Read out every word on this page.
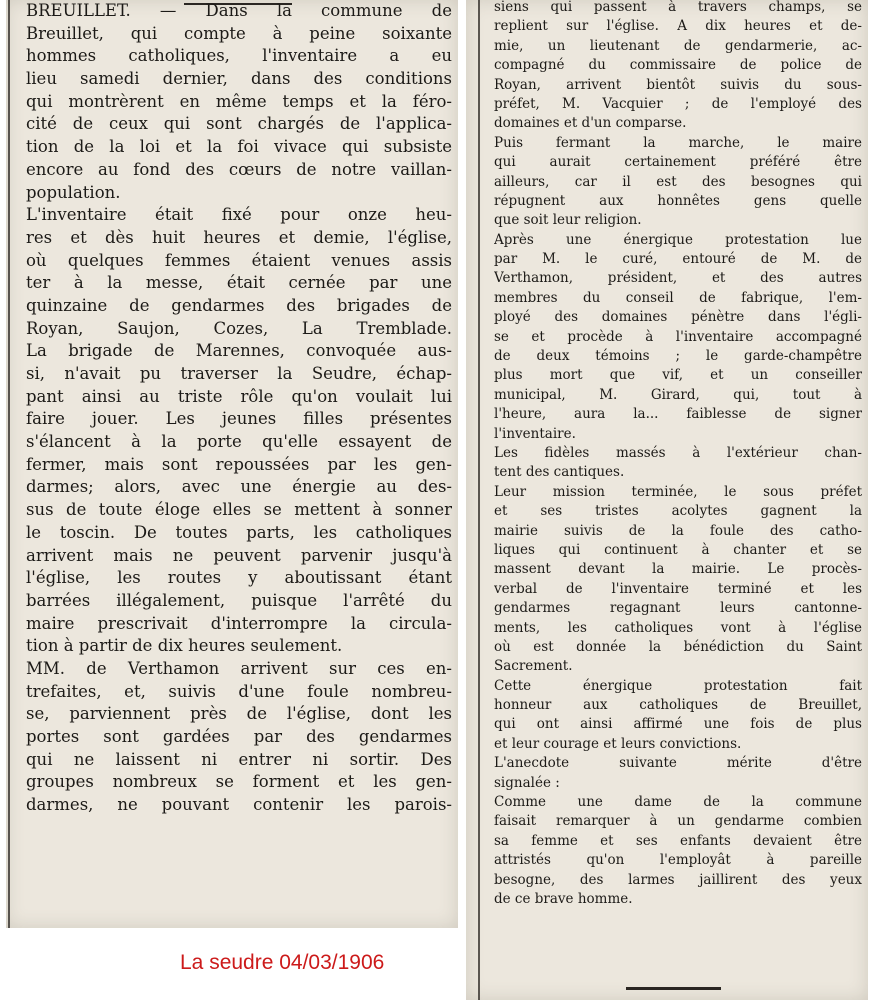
BREUILLET. — Dans la commune de
Breuillet, qui compte à peine soixante
hommes catholiques, l'inventaire a eu
lieu samedi dernier, dans des conditions
qui montrèrent en même temps et la féro-
cité de ceux qui sont chargés de l'applica-
tion de la loi et la foi vivace qui subsiste
encore au fond des cœurs de notre vaillan-
population.
L'inventaire était fixé pour onze heu-
res et dès huit heures et demie, l'église,
où quelques femmes étaient venues assis
ter à la messe, était cernée par une
quinzaine de gendarmes des brigades de
Royan, Saujon, Cozes, La Tremblade.
La brigade de Marennes, convoquée aus-
si, n'avait pu traverser la Seudre, échap-
pant ainsi au triste rôle qu'on voulait lui
faire jouer. Les jeunes filles présentes
s'élancent à la porte qu'elle essayent de
fermer, mais sont repoussées par les gen-
darmes; alors, avec une énergie au des-
sus de toute éloge elles se mettent à sonner
le toscin. De toutes parts, les catholiques
arrivent mais ne peuvent parvenir jusqu'à
l'église, les routes y aboutissant étant
barrées illégalement, puisque l'arrêté du
maire prescrivait d'interrompre la circula-
tion à partir de dix heures seulement.
MM. de Verthamon arrivent sur ces en-
trefaites, et, suivis d'une foule nombreu-
se, parviennent près de l'église, dont les
portes sont gardées par des gendarmes
qui ne laissent ni entrer ni sortir. Des
groupes nombreux se forment et les gen-
darmes, ne pouvant contenir les parois-
siens qui passent à travers champs, se
replient sur l'église. A dix heures et de-
mie, un lieutenant de gendarmerie, ac-
compagné du commissaire de police de
Royan, arrivent bientôt suivis du sous-
préfet, M. Vacquier ; de l'employé des
domaines et d'un comparse.
Puis fermant la marche, le maire
qui aurait certainement préféré être
ailleurs, car il est des besognes qui
répugnent aux honnêtes gens quelle
que soit leur religion.
Après une énergique protestation lue
par M. le curé, entouré de M. de
Verthamon, président, et des autres
membres du conseil de fabrique, l'em-
ployé des domaines pénètre dans l'égli-
se et procède à l'inventaire accompagné
de deux témoins ; le garde-champêtre
plus mort que vif, et un conseiller
municipal, M. Girard, qui, tout à
l'heure, aura la... faiblesse de signer
l'inventaire.
Les fidèles massés à l'extérieur chan-
tent des cantiques.
Leur mission terminée, le sous préfet
et ses tristes acolytes gagnent la
mairie suivis de la foule des catho-
liques qui continuent à chanter et se
massent devant la mairie. Le procès-
verbal de l'inventaire terminé et les
gendarmes regagnant leurs cantonne-
ments, les catholiques vont à l'église
où est donnée la bénédiction du Saint
Sacrement.
Cette énergique protestation fait
honneur aux catholiques de Breuillet,
qui ont ainsi affirmé une fois de plus
et leur courage et leurs convictions.
L'anecdote suivante mérite d'être
signalée :
Comme une dame de la commune
faisait remarquer à un gendarme combien
sa femme et ses enfants devaient être
attristés qu'on l'employât à pareille
besogne, des larmes jaillirent des yeux
de ce brave homme.
La seudre 04/03/1906
